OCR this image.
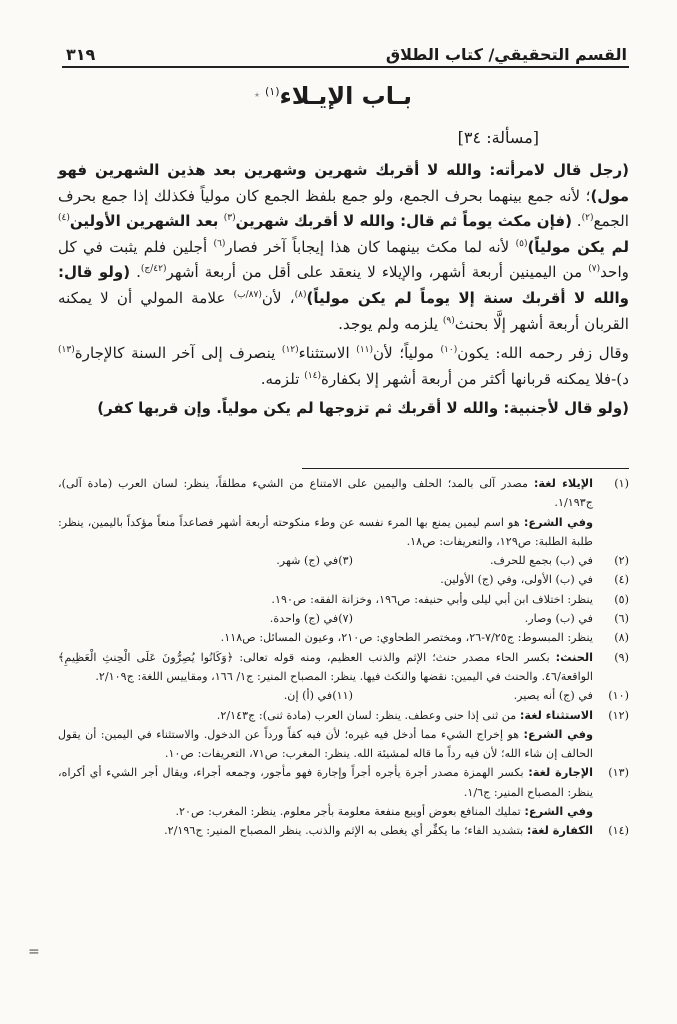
القسم التحقيقي/ كتاب الطلاق
٣١٩
بـاب الإيـلاء$^{(١)}$
٭
[مسألة: ٣٤]

(رجل قال لامرأته: والله لا أقربك شهرين وشهرين بعد هذين الشهرين فهو مول)؛ لأنه جمع بينهما بحرف الجمع، ولو جمع بلفظ الجمع كان مولياً فكذلك إذا جمع بحرف الجمع$^{(٢)}$. (فإن مكث يوماً ثم قال: والله لا أقربك شهرين$^{(٣)}$ بعد الشهرين الأولين$^{(٤)}$ لم يكن مولياً)$^{(٥)}$ لأنه لما مكث بينهما كان هذا إيجاباً آخر فصار$^{(٦)}$ أجلين فلم يثبت في كل واحد$^{(٧)}$ من اليمينين أربعة أشهر، والإيلاء لا ينعقد على أقل من أربعة أشهر$^{(٤٢/ج)}$. (ولو قال: والله لا أقربك سنة إلا يوماً لم يكن مولياً)$^{(٨)}$، لأن$^{(٨٧/ب)}$ علامة المولي أن لا يمكنه القربان أربعة أشهر إلَّا بحنث$^{(٩)}$ يلزمه ولم يوجد.

وقال زفر رحمه الله: يكون$^{(١٠)}$ مولياً؛ لأن$^{(١١)}$ الاستثناء$^{(١٢)}$ ينصرف إلى آخر السنة كالإجارة$^{(١٣)}$ د)-فلا يمكنه قربانها أكثر من أربعة أشهر إلا بكفارة$^{(١٤)}$ تلزمه.

(ولو قال لأجنبية: والله لا أقربك ثم تزوجها لم يكن مولياً. وإن قربها كفر)

(١)
الإيلاء لغة: مصدر آلى بالمد؛ الحلف واليمين على الامتناع من الشيء مطلقاً، ينظر: لسان العرب (مادة آلى)، ج١/١٩٣.
وفي الشرع: هو اسم ليمين يمنع بها المرء نفسه عن وطء منكوحته أربعة أشهر فصاعداً منعاً مؤكداً باليمين، ينظر: طلبة الطلبة: ص١٢٩، والتعريفات: ص١٨.
(٢)
في (ب) بجمع للحرف.
(٣)
في (ج) شهر.
(٤)
في (ب) الأولى، وفي (ج) الأولين.
(٥)
ينظر: اختلاف ابن أبي ليلى وأبي حنيفه: ص١٩٦، وخزانة الفقه: ص١٩٠.
(٦)
في (ب) وصار.
(٧)
في (ج) واحدة.
(٨)
ينظر: المبسوط: ج٧/٢٥-٢٦، ومختصر الطحاوي: ص٢١٠، وعيون المسائل: ص١١٨.
(٩)
الحنث: بكسر الحاء مصدر حنث؛ الإثم والذنب العظيم، ومنه قوله تعالى: ﴿وَكَانُوا يُصِرُّونَ عَلَى الْحِنثِ الْعَظِيمِ﴾ الواقعة/٤٦. والحنث في اليمين: نقضها والنكث فيها. ينظر: المصباح المنير: ج١/ ١٦٦، ومقاييس اللغة: ج٢/١٠٩.
(١٠)
في (ج) أنه يصير.
(١١)
في (أ) إن.
(١٢)
الاستثناء لغة: من ثنى إذا حنى وعطف. ينظر: لسان العرب (مادة ثنى): ج٢/١٤٣.
وفي الشرع: هو إخراج الشيء مما أدخل فيه غيره؛ لأن فيه كفاً ورداً عن الدخول. والاستثناء في اليمين: أن يقول الحالف إن شاء الله؛ لأن فيه رداً ما قاله لمشيئة الله. ينظر: المغرب: ص٧١، التعريفات: ص١٠.
(١٣)
الإجارة لغة: بكسر الهمزة مصدر أجرة يأجره أجراً وإجارة فهو مأجور، وجمعه أجراء، ويقال أجر الشيء أي أكراه، ينظر: المصباح المنير: ج١/٦.
وفي الشرع: تمليك المنافع بعوض أويبع منفعة معلومة بأجر معلوم. ينظر: المغرب: ص٢٠.
(١٤)
الكفارة لغة: بتشديد الفاء؛ ما يكفِّر أي يغطى به الإثم والذنب. ينظر المصباح المنير: ج٢/١٩٦.
=
